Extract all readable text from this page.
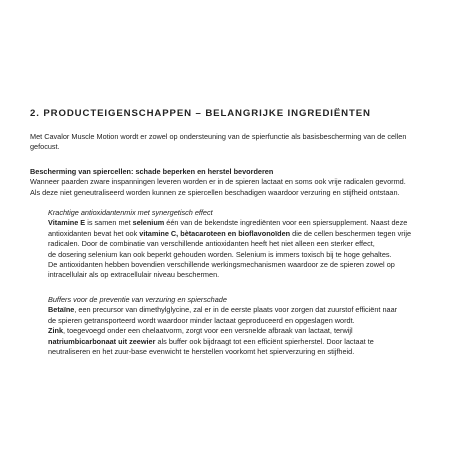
2. PRODUCTEIGENSCHAPPEN – BELANGRIJKE INGREDIËNTEN
Met Cavalor Muscle Motion wordt er zowel op ondersteuning van de spierfunctie als basisbescherming van de cellen
gefocust.
Bescherming van spiercellen: schade beperken en herstel bevorderen
Wanneer paarden zware inspanningen leveren worden er in de spieren lactaat en soms ook vrije radicalen gevormd.
Als deze niet geneutraliseerd worden kunnen ze spiercellen beschadigen waardoor verzuring en stijfheid ontstaan.
Krachtige antioxidantenmix met synergetisch effect
Vitamine E is samen met selenium één van de bekendste ingrediënten voor een spiersupplement. Naast deze
antioxidanten bevat het ook vitamine C, bètacaroteen en bioflavonoïden die de cellen beschermen tegen vrije
radicalen. Door de combinatie van verschillende antioxidanten heeft het niet alleen een sterker effect,
de dosering selenium kan ook beperkt gehouden worden. Selenium is immers toxisch bij te hoge gehaltes.
De antioxidanten hebben bovendien verschillende werkingsmechanismen waardoor ze de spieren zowel op
intracellulair als op extracellulair niveau beschermen.
Buffers voor de preventie van verzuring en spierschade
Betaïne, een precursor van dimethylglycine, zal er in de eerste plaats voor zorgen dat zuurstof efficiënt naar
de spieren getransporteerd wordt waardoor minder lactaat geproduceerd en opgeslagen wordt.
Zink, toegevoegd onder een chelaatvorm, zorgt voor een versnelde afbraak van lactaat, terwijl
natriumbicarbonaat uit zeewier als buffer ook bijdraagt tot een efficiënt spierherstel. Door lactaat te
neutraliseren en het zuur-base evenwicht te herstellen voorkomt het spierverzuring en stijfheid.
